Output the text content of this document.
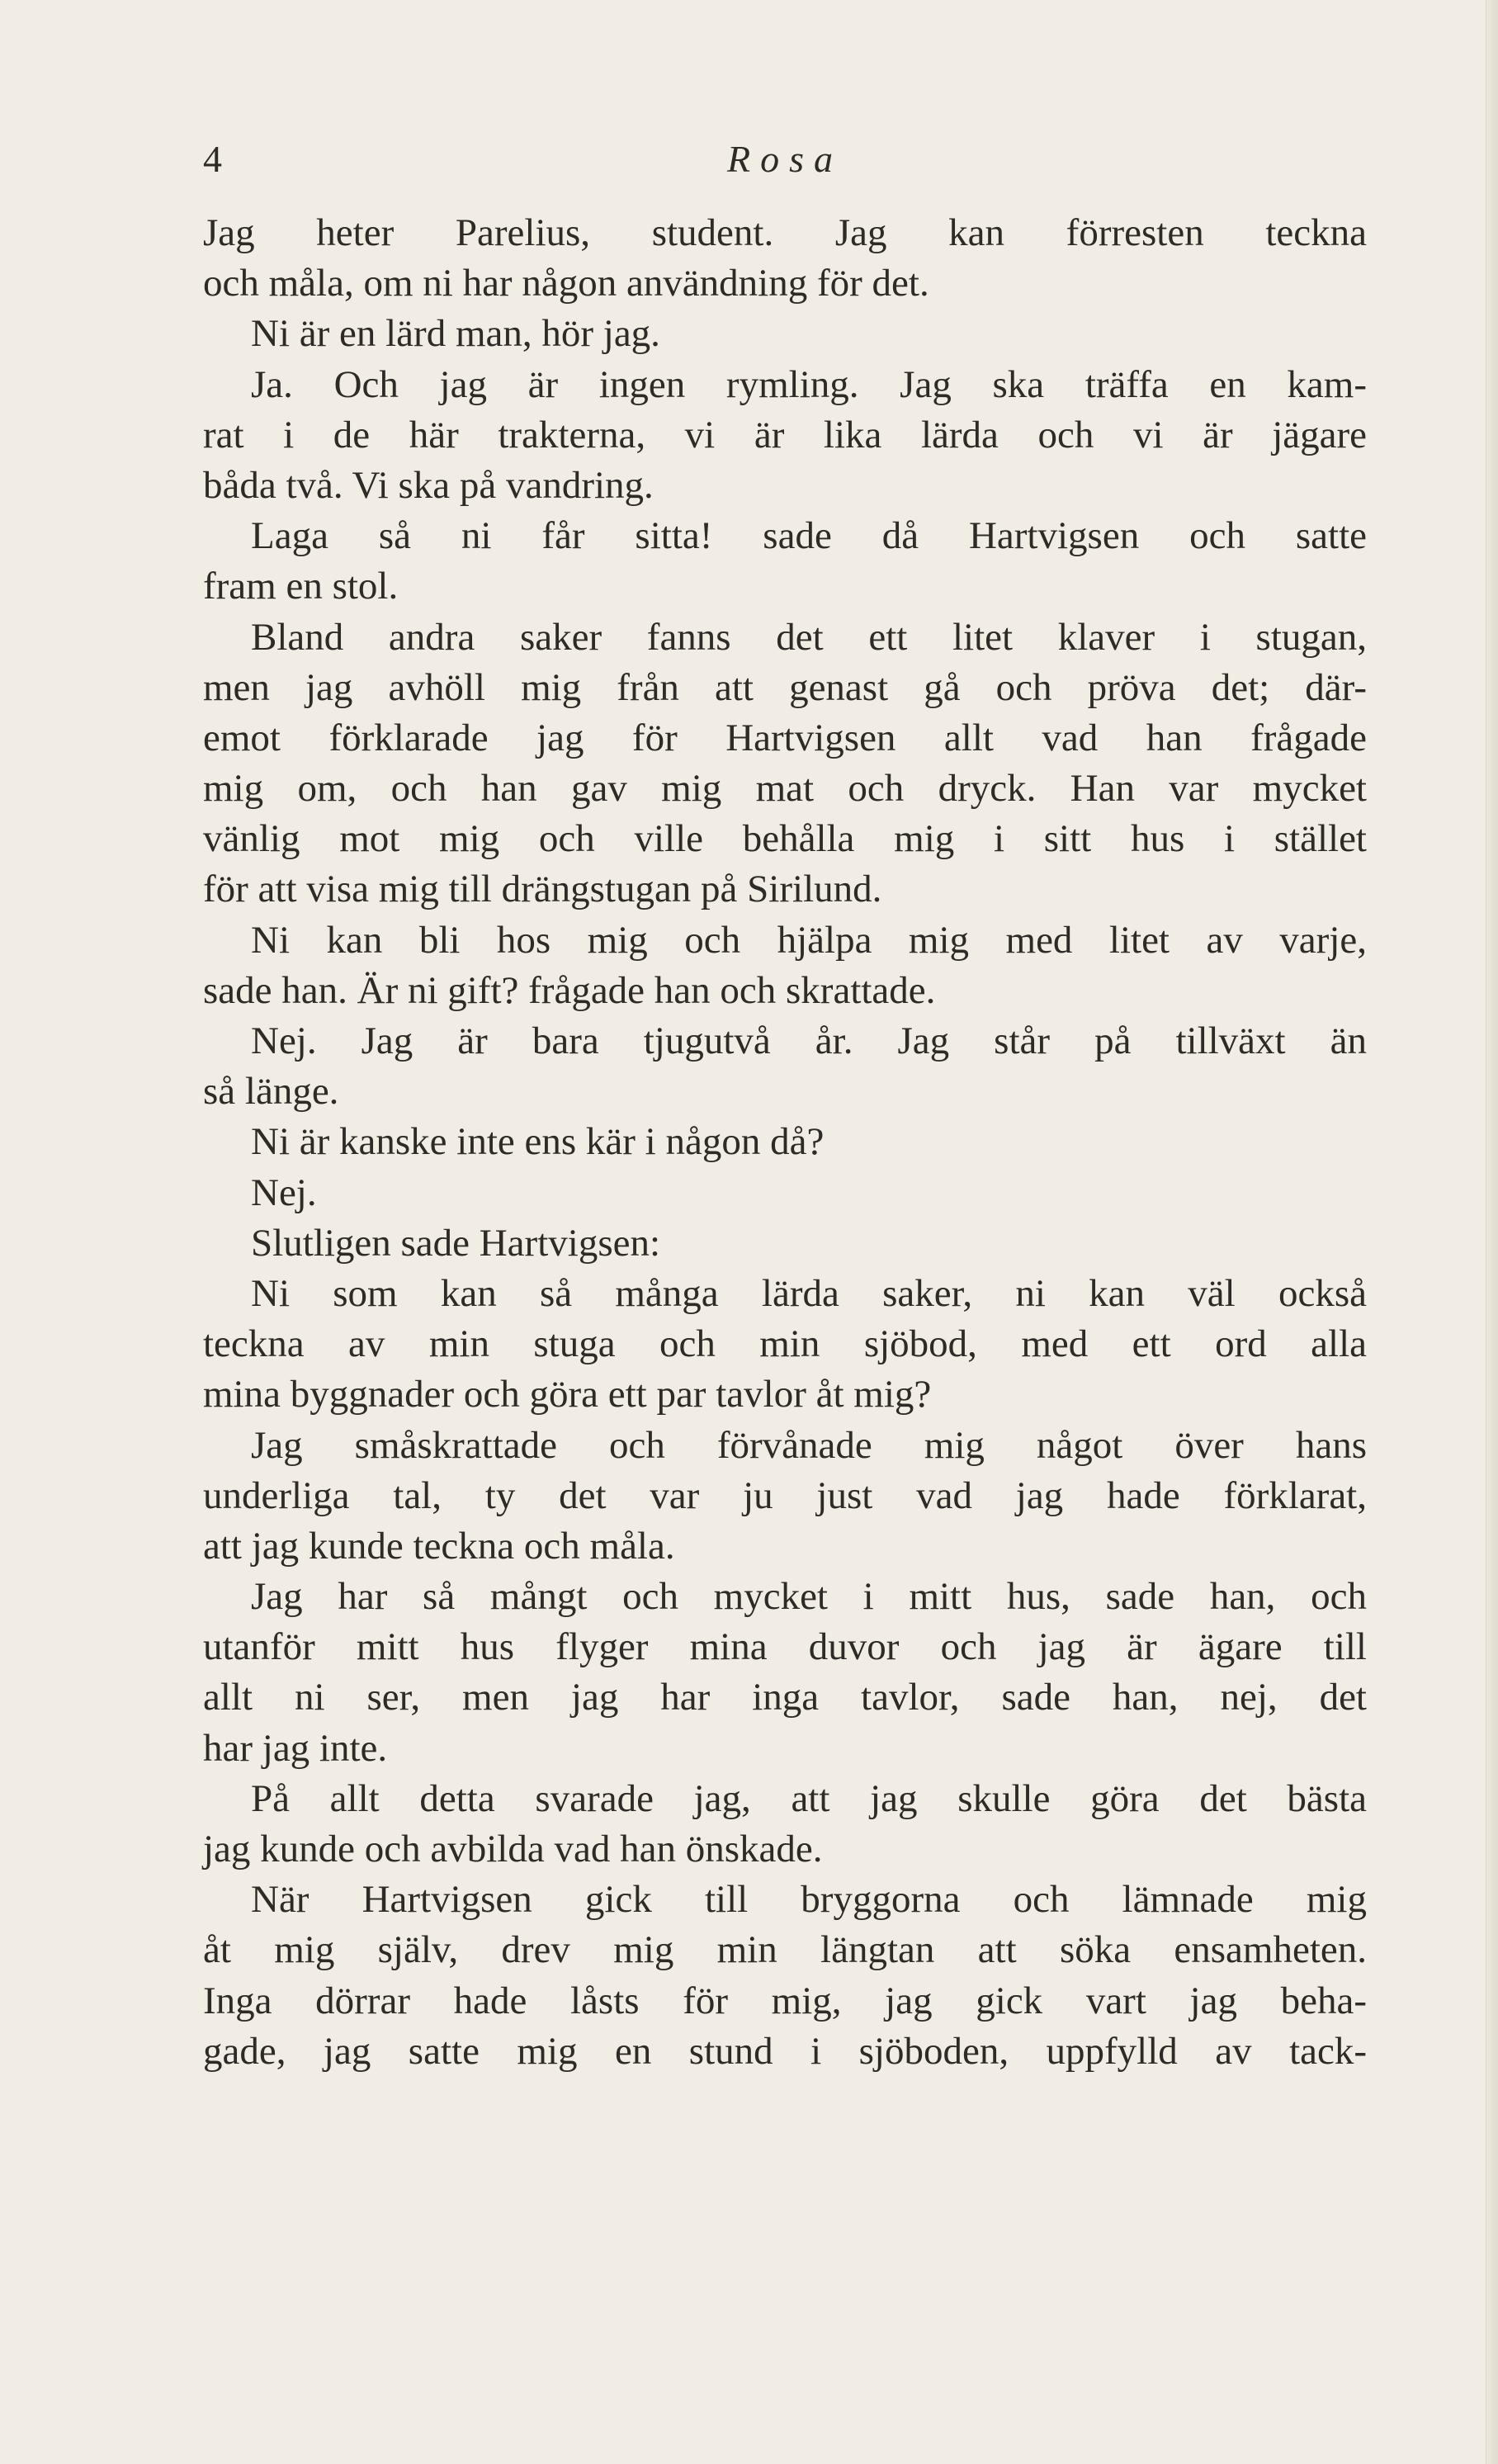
4	Rosa
Jag heter Parelius, student. Jag kan förresten teckna
och måla, om ni har någon användning för det.
Ni är en lärd man, hör jag.
Ja. Och jag är ingen rymling. Jag ska träffa en kam-
rat i de här trakterna, vi är lika lärda och vi är jägare
båda två. Vi ska på vandring.
Laga så ni får sitta! sade då Hartvigsen och satte
fram en stol.
Bland andra saker fanns det ett litet klaver i stugan,
men jag avhöll mig från att genast gå och pröva det; där-
emot förklarade jag för Hartvigsen allt vad han frågade
mig om, och han gav mig mat och dryck. Han var mycket
vänlig mot mig och ville behålla mig i sitt hus i stället
för att visa mig till drängstugan på Sirilund.
Ni kan bli hos mig och hjälpa mig med litet av varje,
sade han. Är ni gift? frågade han och skrattade.
Nej. Jag är bara tjugutvå år. Jag står på tillväxt än
så länge.
Ni är kanske inte ens kär i någon då?
Nej.
Slutligen sade Hartvigsen:
Ni som kan så många lärda saker, ni kan väl också
teckna av min stuga och min sjöbod, med ett ord alla
mina byggnader och göra ett par tavlor åt mig?
Jag småskrattade och förvånade mig något över hans
underliga tal, ty det var ju just vad jag hade förklarat,
att jag kunde teckna och måla.
Jag har så mångt och mycket i mitt hus, sade han, och
utanför mitt hus flyger mina duvor och jag är ägare till
allt ni ser, men jag har inga tavlor, sade han, nej, det
har jag inte.
På allt detta svarade jag, att jag skulle göra det bästa
jag kunde och avbilda vad han önskade.
När Hartvigsen gick till bryggorna och lämnade mig
åt mig själv, drev mig min längtan att söka ensamheten.
Inga dörrar hade låsts för mig, jag gick vart jag beha-
gade, jag satte mig en stund i sjöboden, uppfylld av tack-
